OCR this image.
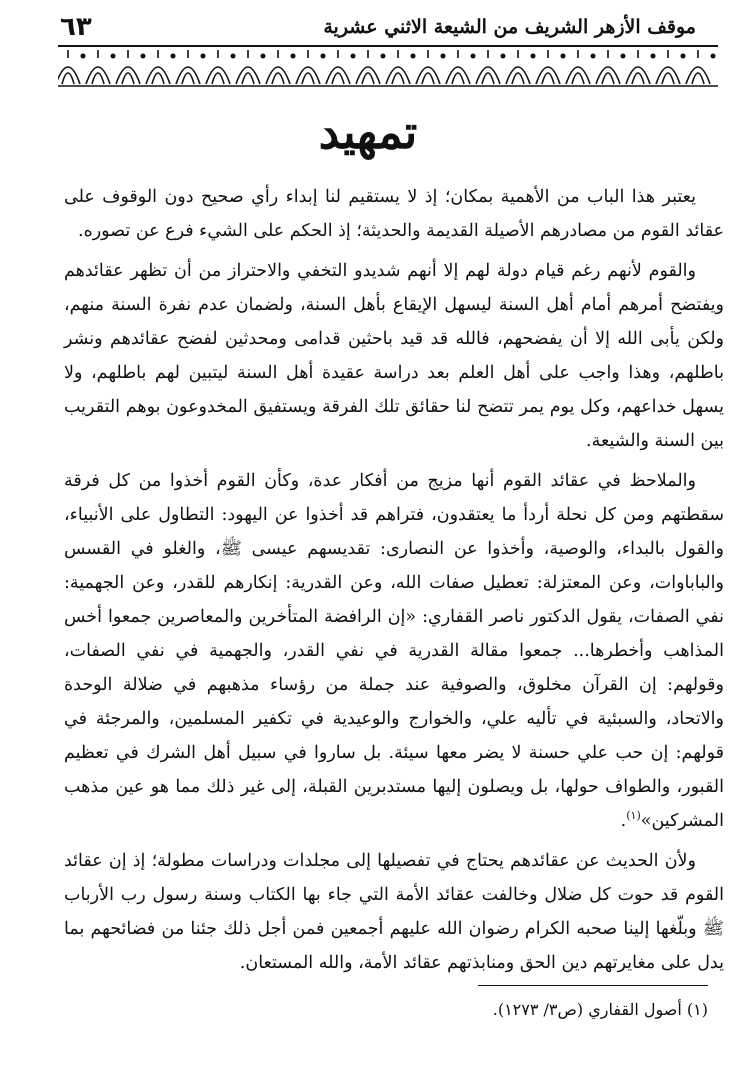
٦٣	موقف الأزهر الشريف من الشيعة الاثني عشرية
تمهيد

يعتبر هذا الباب من الأهمية بمكان؛ إذ لا يستقيم لنا إبداء رأي صحيح دون الوقوف على عقائد القوم من مصادرهم الأصيلة القديمة والحديثة؛ إذ الحكم على الشيء فرع عن تصوره.

والقوم لأنهم رغم قيام دولة لهم إلا أنهم شديدو التخفي والاحتراز من أن تظهر عقائدهم ويفتضح أمرهم أمام أهل السنة ليسهل الإيقاع بأهل السنة، ولضمان عدم نفرة السنة منهم، ولكن يأبى الله إلا أن يفضحهم، فالله قد قيد باحثين قدامى ومحدثين لفضح عقائدهم ونشر باطلهم، وهذا واجب على أهل العلم بعد دراسة عقيدة أهل السنة ليتبين لهم باطلهم، ولا يسهل خداعهم، وكل يوم يمر تتضح لنا حقائق تلك الفرقة ويستفيق المخدوعون بوهم التقريب بين السنة والشيعة.

والملاحظ في عقائد القوم أنها مزيج من أفكار عدة، وكأن القوم أخذوا من كل فرقة سقطتهم ومن كل نحلة أردأ ما يعتقدون، فتراهم قد أخذوا عن اليهود: التطاول على الأنبياء، والقول بالبداء، والوصية، وأخذوا عن النصارى: تقديسهم عيسى ﷺ، والغلو في القسس والباباوات، وعن المعتزلة: تعطيل صفات الله، وعن القدرية: إنكارهم للقدر، وعن الجهمية: نفي الصفات، يقول الدكتور ناصر القفاري: «إن الرافضة المتأخرين والمعاصرين جمعوا أخس المذاهب وأخطرها... جمعوا مقالة القدرية في نفي القدر، والجهمية في نفي الصفات، وقولهم: إن القرآن مخلوق، والصوفية عند جملة من رؤساء مذهبهم في ضلالة الوحدة والاتحاد، والسبئية في تأليه علي، والخوارج والوعيدية في تكفير المسلمين، والمرجئة في قولهم: إن حب علي حسنة لا يضر معها سيئة. بل ساروا في سبيل أهل الشرك في تعظيم القبور، والطواف حولها، بل ويصلون إليها مستدبرين القبلة، إلى غير ذلك مما هو عين مذهب المشركين»$^{(١)}$.

ولأن الحديث عن عقائدهم يحتاج في تفصيلها إلى مجلدات ودراسات مطولة؛ إذ إن عقائد القوم قد حوت كل ضلال وخالفت عقائد الأمة التي جاء بها الكتاب وسنة رسول رب الأرباب ﷺ وبلّغها إلينا صحبه الكرام رضوان الله عليهم أجمعين فمن أجل ذلك جئنا من فضائحهم بما يدل على مغايرتهم دين الحق ومنابذتهم عقائد الأمة، والله المستعان.

(١) أصول القفاري (ص٣/ ١٢٧٣).
